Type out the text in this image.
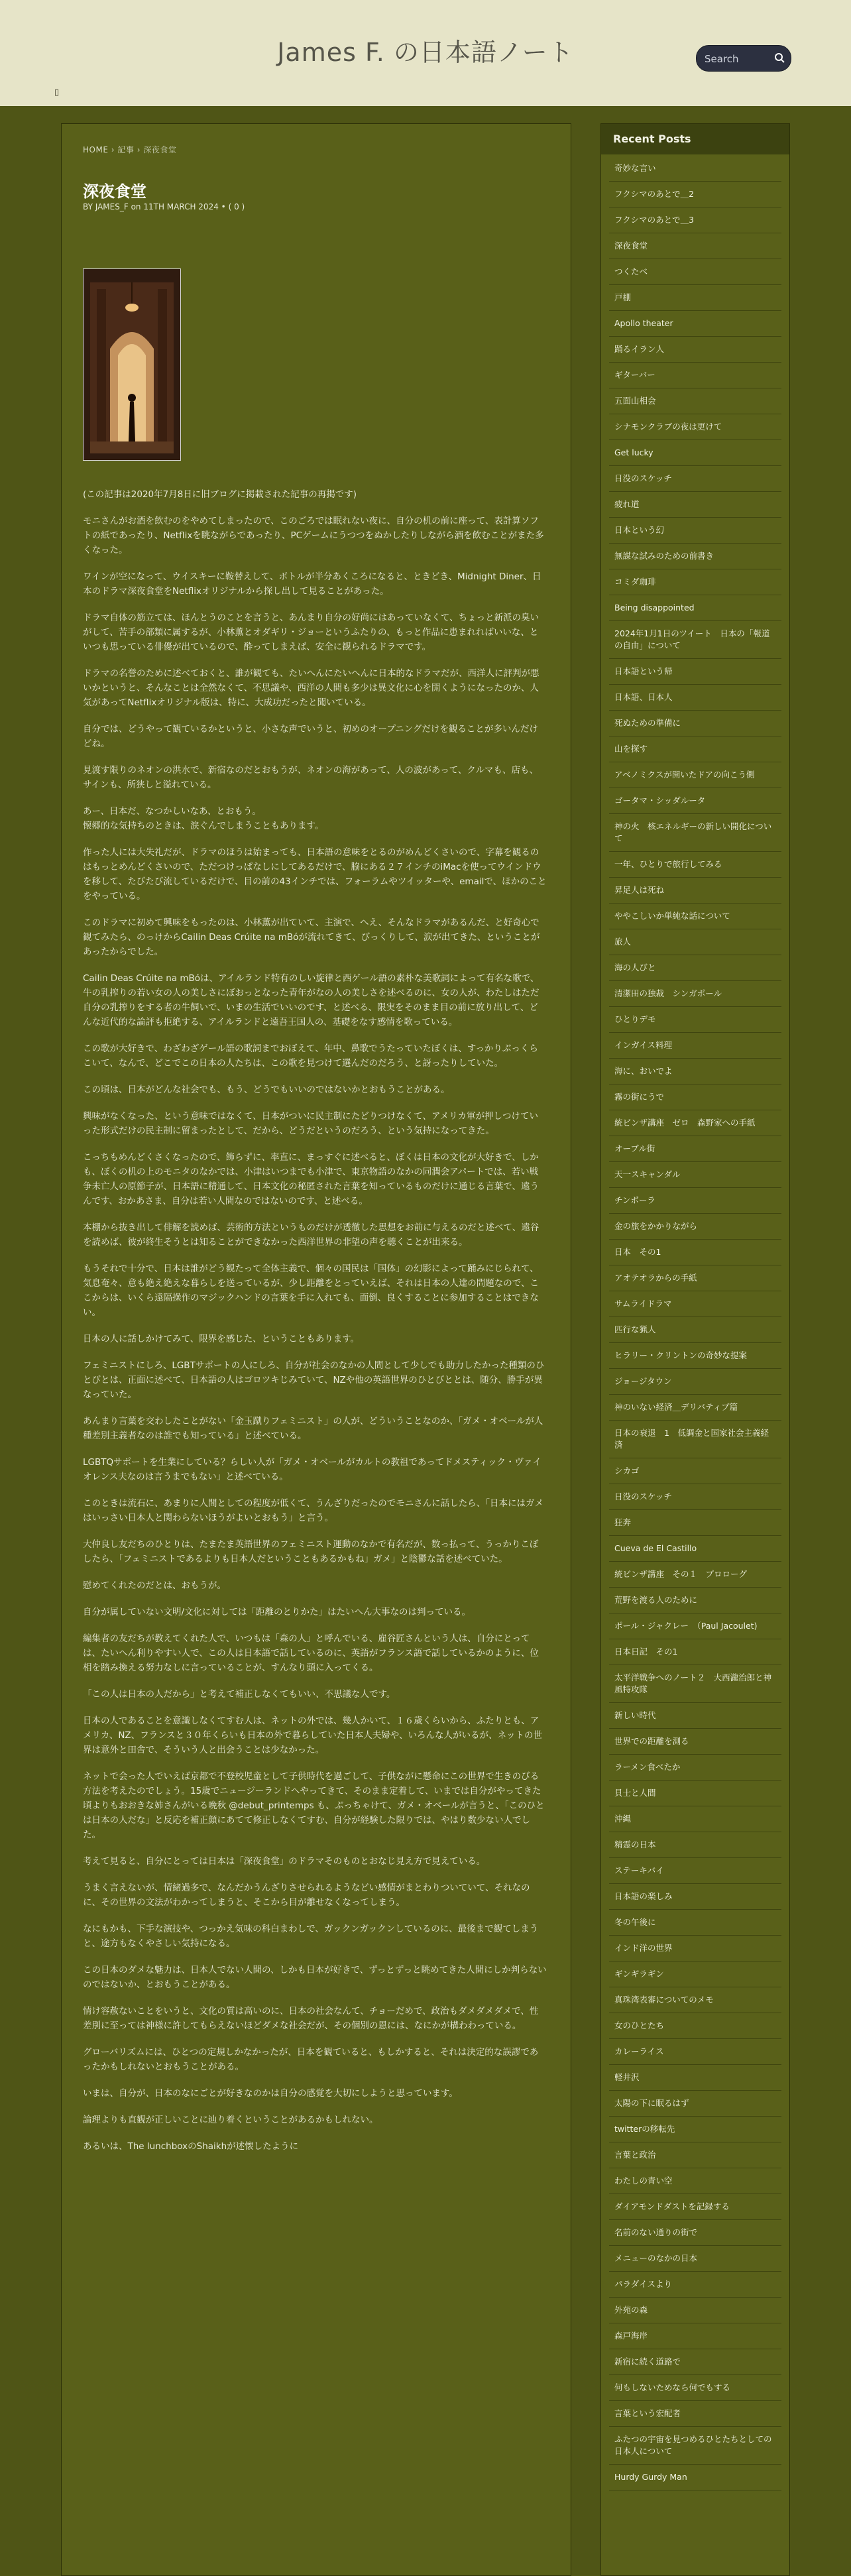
James F. の日本語ノート
Search
▯
HOME › 記事 › 深夜食堂
深夜食堂
BY JAMES_F on 11TH MARCH 2024 • ( 0 )

(この記事は2020年7月8日に旧ブログに掲載された記事の再掲です)

モニさんがお酒を飲むのをやめてしまったので、このごろでは眠れない夜に、自分の机の前に座って、表計算ソフトの紙であったり、Netflixを眺ながらであったり、PCゲームにうつつをぬかしたりしながら酒を飲むことがまた多くなった。

ワインが空になって、ウイスキーに鞍替えして、ボトルが半分あくころになると、ときどき、Midnight Diner、日本のドラマ深夜食堂をNetflixオリジナルから探し出して見ることがあった。

ドラマ自体の筋立ては、ほんとうのことを言うと、あんまり自分の好尚にはあっていなくて、ちょっと新派の臭いがして、苦手の部類に属するが、小林薫とオダギリ・ジョーというふたりの、もっと作品に患まれればいいな、といつも思っている俳優が出ているので、酔ってしまえば、安全に観られるドラマです。

ドラマの名誉のために述べておくと、誰が観ても、たいへんにたいへんに日本的なドラマだが、西洋人に評判が悪いかというと、そんなことは全然なくて、不思議や、西洋の人間も多少は異文化に心を開くようになったのか、人気があってNetflixオリジナル版は、特に、大成功だったと聞いている。

自分では、どうやって観ているかというと、小さな声でいうと、初めのオープニングだけを観ることが多いんだけどね。

見渡す限りのネオンの洪水で、新宿なのだとおもうが、ネオンの海があって、人の波があって、クルマも、店も、サインも、所狭しと溢れている。

あー、日本だ、なつかしいなあ、とおもう。
懐郷的な気持ちのときは、涙ぐんでしまうこともあります。

作った人には大失礼だが、ドラマのほうは始まっても、日本語の意味をとるのがめんどくさいので、字幕を観るのはもっとめんどくさいので、ただつけっぱなしにしてあるだけで、脇にある２７インチのiMacを使ってウインドウを移して、たびたび流しているだけで、目の前の43インチでは、フォーラムやツイッターや、emailで、ほかのことをやっている。

このドラマに初めて興味をもったのは、小林薫が出ていて、主演で、へえ、そんなドラマがあるんだ、と好奇心で観てみたら、のっけからCailin Deas Crúite na mBóが流れてきて、びっくりして、涙が出てきた、ということがあったからでした。

Cailin Deas Crúite na mBóは、アイルランド特有のしい旋律と西ゲール語の素朴な美歌詞によって有名な歌で、牛の乳搾りの若い女の人の美しさにぼおっとなった青年がなの人の美しさを述べるのに、女の人が、わたしはただ自分の乳搾りをする者の牛飼いで、いまの生活でいいのです、と述べる、限実をそのまま目の前に放り出して、どんな近代的な論評も拒絶する、アイルランドと遠吾王国人の、基礎をなす感情を歌っている。

この歌が大好きで、わざわざゲール語の歌詞までおぼえて、年中、鼻歌でうたっていたぼくは、すっかりぶっくらこいて、なんで、どこでこの日本の人たちは、この歌を見つけて選んだのだろう、と訝ったりしていた。

この頃は、日本がどんな社会でも、もう、どうでもいいのではないかとおもうことがある。

興味がなくなった、という意味ではなくて、日本がついに民主制にたどりつけなくて、アメリカ軍が押しつけていった形式だけの民主制に留まったとして、だから、どうだというのだろう、という気持になってきた。

こっちもめんどくさくなったので、飾らずに、率直に、まっすぐに述べると、ぼくは日本の文化が大好きで、しかも、ぼくの机の上のモニタのなかでは、小津はいつまでも小津で、東京物語のなかの同潤会アパートでは、若い戦争未亡人の原節子が、日本語に精通して、日本文化の秘匿された言葉を知っているものだけに通じる言葉で、遠うんです、おかあさま、自分は若い人間なのではないのです、と述べる。

本棚から抜き出して俳解を読めば、芸術的方法というものだけが透徹した思想をお前に与えるのだと述べて、遠谷を読めば、彼が終生そうとは知ることができなかった西洋世界の非望の声を聴くことが出来る。

もうそれで十分で、日本は誰がどう観たって全体主義で、個々の国民は「国体」の幻影によって踊みにじられて、気息奄々、意も絶え絶えな暮らしを送っているが、少し距離をとっていえば、それは日本の人達の問題なので、ここからは、いくら遠隔操作のマジックハンドの言葉を手に入れても、面倒、良くすることに参加することはできない。

日本の人に話しかけてみて、限界を感じた、ということもあります。

フェミニストにしろ、LGBTサポートの人にしろ、自分が社会のなかの人間として少しでも助力したかった種類のひとびとは、正面に述べて、日本語の人はゴロツキじみていて、NZや他の英語世界のひとびととは、随分、勝手が異なっていた。

あんまり言葉を交わしたことがない「金玉蹴りフェミニスト」の人が、どういうことなのか、「ガメ・オベールが人種差別主義者なのは誰でも知っている」と述べている。

LGBTQサポートを生業にしている？らしい人が「ガメ・オベールがカルトの教祖であってドメスティック・ヴァイオレンス夫なのは言うまでもない」と述べている。

このときは流石に、あまりに人間としての程度が低くて、うんざりだったのでモニさんに話したら、「日本にはガメはいっさい日本人と関わらないほうがよいとおもう」と言う。

大仲良し友だちのひとりは、たまたま英語世界のフェミニスト運動のなかで有名だが、数っ払って、うっかりこぼしたら、「フェミニストであるよりも日本人だということもあるかもね」ガメ」と陰鬱な話を述べていた。

慰めてくれたのだとは、おもうが。

自分が属していない文明/文化に対しては「距離のとりかた」はたいへん大事なのは判っている。

編集者の友だちが教えてくれた人で、いつもは「森の人」と呼んでいる、雇谷匠さんという人は、自分にとっては、たいへん利りやすい人で、この人は日本語で話しているのに、英語がフランス語で話しているかのように、位相を踏み換える努力なしに言っていることが、すんなり頭に入ってくる。

「この人は日本の人だから」と考えて補正しなくてもいい、不思議な人です。

日本の人であることを意識しなくてすむ人は、ネットの外では、幾人かいて、１６歳くらいから、ふたりとも、アメリカ、NZ、フランスと３０年くらいも日本の外で暮らしていた日本人夫婦や、いろんな人がいるが、ネットの世界は意外と田舎で、そういう人と出会うことは少なかった。

ネットで会った人でいえば京都で不登校児童として子供時代を過ごして、子供ながに懸命にこの世界で生きのびる方法を考えたのでしょう。15歳でニュージーランドへやってきて、そのまま定着して、いまでは自分がやってきた頃よりもおおきな姉さんがいる晩秋 @debut_printemps も、ぶっちゃけて、ガメ・オベールが言うと、「このひとは日本の人だな」と反応を補正顔にあてて修正しなくてすむ、自分が経験した限りでは、やはり数少ない人でした。

考えて見ると、自分にとっては日本は「深夜食堂」のドラマそのものとおなじ見え方で見えている。

うまく言えないが、情緒過多で、なんだかうんざりさせられるようなどい感情がまとわりついていて、それなのに、その世界の文法がわかってしまうと、そこから目が離せなくなってしまう。

なにもかも、下手な演技や、つっかえ気味の科白まわしで、ガックンガックンしているのに、最後まで観てしまうと、途方もなくやさしい気持になる。

この日本のダメな魅力は、日本人でない人間の、しかも日本が好きで、ずっとずっと眺めてきた人間にしか判らないのではないか、とおもうことがある。

情け容赦ないことをいうと、文化の質は高いのに、日本の社会なんて、チョーだめで、政治もダメダメダメで、性差別に至っては神様に許してもらえないほどダメな社会だが、その個別の恩には、なにかが構わわっている。

グローバリズムには、ひとつの定規しかなかったが、日本を観ていると、もしかすると、それは決定的な誤謬であったかもしれないとおもうことがある。

いまは、自分が、日本のなにごとが好きなのかは自分の感覚を大切にしようと思っています。

論理よりも直観が正しいことに辿り着くということがあるかもしれない。

あるいは、The lunchboxのShaikhが述懐したように

Recent Posts
奇妙な言い
フクシマのあとで＿2
フクシマのあとで＿3
深夜食堂
つくたべ
戸棚
Apollo theater
踊るイラン人
ギターバー
五面山相会
シナモンクラブの夜は更けて
Get lucky
日没のスケッチ
疲れ道
日本という幻
無謀な試みのための前書き
コミダ珈琲
Being disappointed
2024年1月1日のツイート　日本の「報道の自由」について
日本語という帰
日本語、日本人
死ぬための準備に
山を探す
アベノミクスが開いたドアの向こう側
ゴータマ・シッダルータ
神の火　核エネルギーの新しい開化について
一年、ひとりで旅行してみる
昇足人は死ね
ややこしいか単純な話について
旅人
海の人びと
清潔田の独裁　シンガポール
ひとりデモ
インガイス料理
海に、おいでよ
霧の街にうで
統ビンザ講座　ゼロ　森野家への手紙
オーブル街
天一スキャンダル
チンボーラ
金の旅をかかりながら
日本　その1
アオテオラからの手紙
サムライドラマ
匹行な猟人
ヒラリー・クリントンの奇妙な提案
ジョージタウン
神のいない経済＿デリバティブ篇
日本の衰退　1　低調金と国家社会主義経済
シカゴ
日没のスケッチ
狂奔
Cueva de El Castillo
統ビンザ講座　その１　プロローグ
荒野を渡る人のために
ポール・ジャクレー　（Paul Jacoulet)
日本日記　その1
太平洋戦争へのノート２　大西瀧治郎と神風特攻隊
新しい時代
世界での距離を測る
ラーメン食べたか
貝士と人間
沖縄
精霊の日本
ステーキバイ
日本語の楽しみ
冬の午後に
インド洋の世界
ギンギラギン
真珠湾表審についてのメモ
女のひとたち
カレーライス
軽井沢
太陽の下に眠るはず
twitterの移転先
言葉と政治
わたしの青い空
ダイアモンドダストを記録する
名前のない通りの街で
メニューのなかの日本
パラダイスより
外苑の森
森戸海岸
新宿に続く道路で
何もしないためなら何でもする
言葉という宏配者
ふたつの宇宙を見つめるひとたちとしての日本人について
Hurdy Gurdy Man
